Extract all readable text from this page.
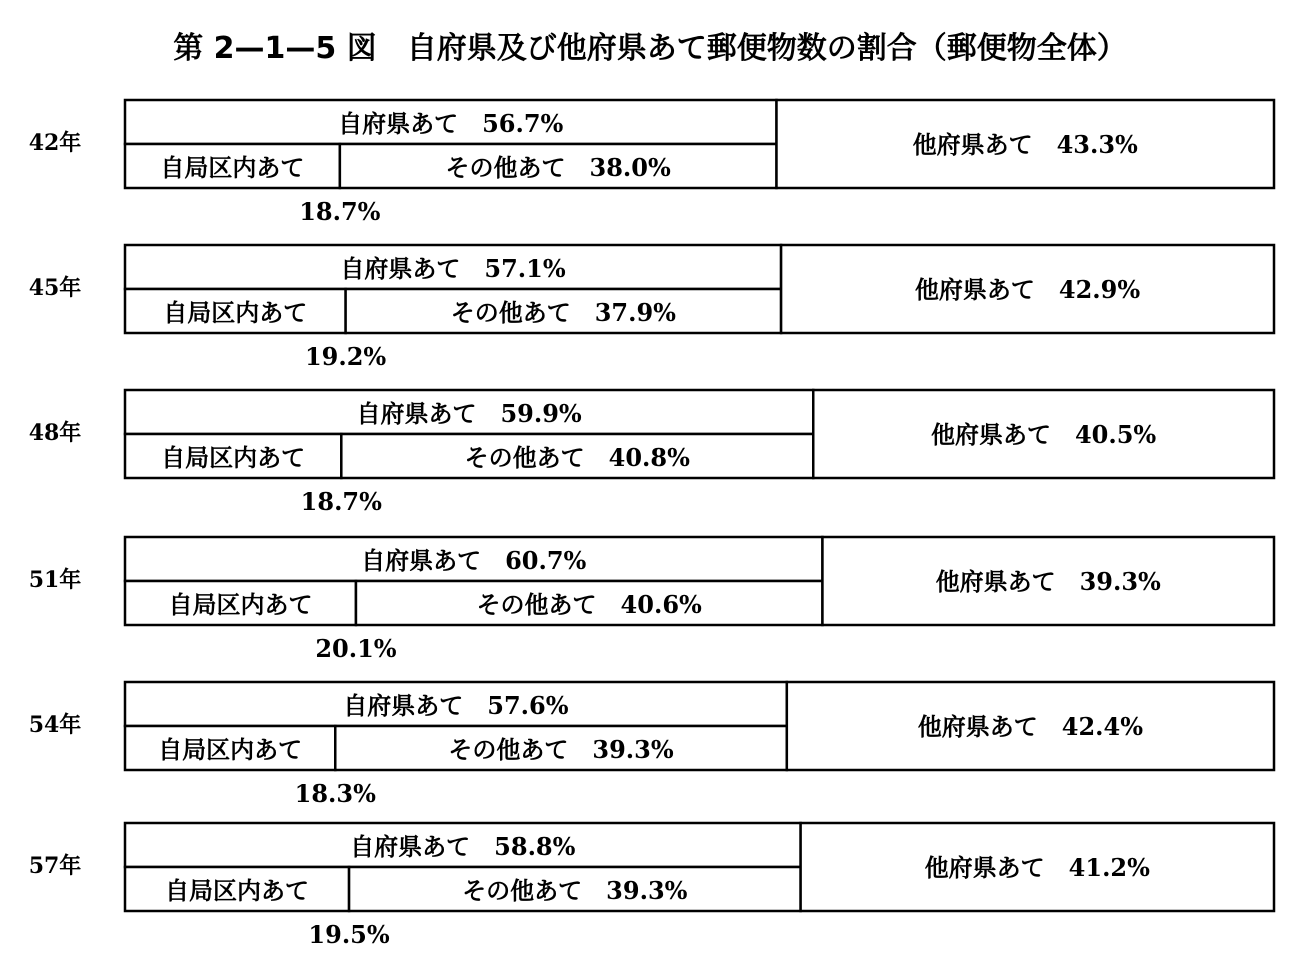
第 2—1—5 図　自府県及び他府県あて郵便物数の割合（郵便物全体）
42年
自府県あて　56.7%
自局区内あて	その他あて　38.0%
他府県あて　43.3%
18.7%
45年
自府県あて　57.1%
自局区内あて	その他あて　37.9%
他府県あて　42.9%
19.2%
48年
自府県あて　59.9%
自局区内あて	その他あて　40.8%
他府県あて　40.5%
18.7%
51年
自府県あて　60.7%
自局区内あて	その他あて　40.6%
他府県あて　39.3%
20.1%
54年
自府県あて　57.6%
自局区内あて	その他あて　39.3%
他府県あて　42.4%
18.3%
57年
自府県あて　58.8%
自局区内あて	その他あて　39.3%
他府県あて　41.2%
19.5%
